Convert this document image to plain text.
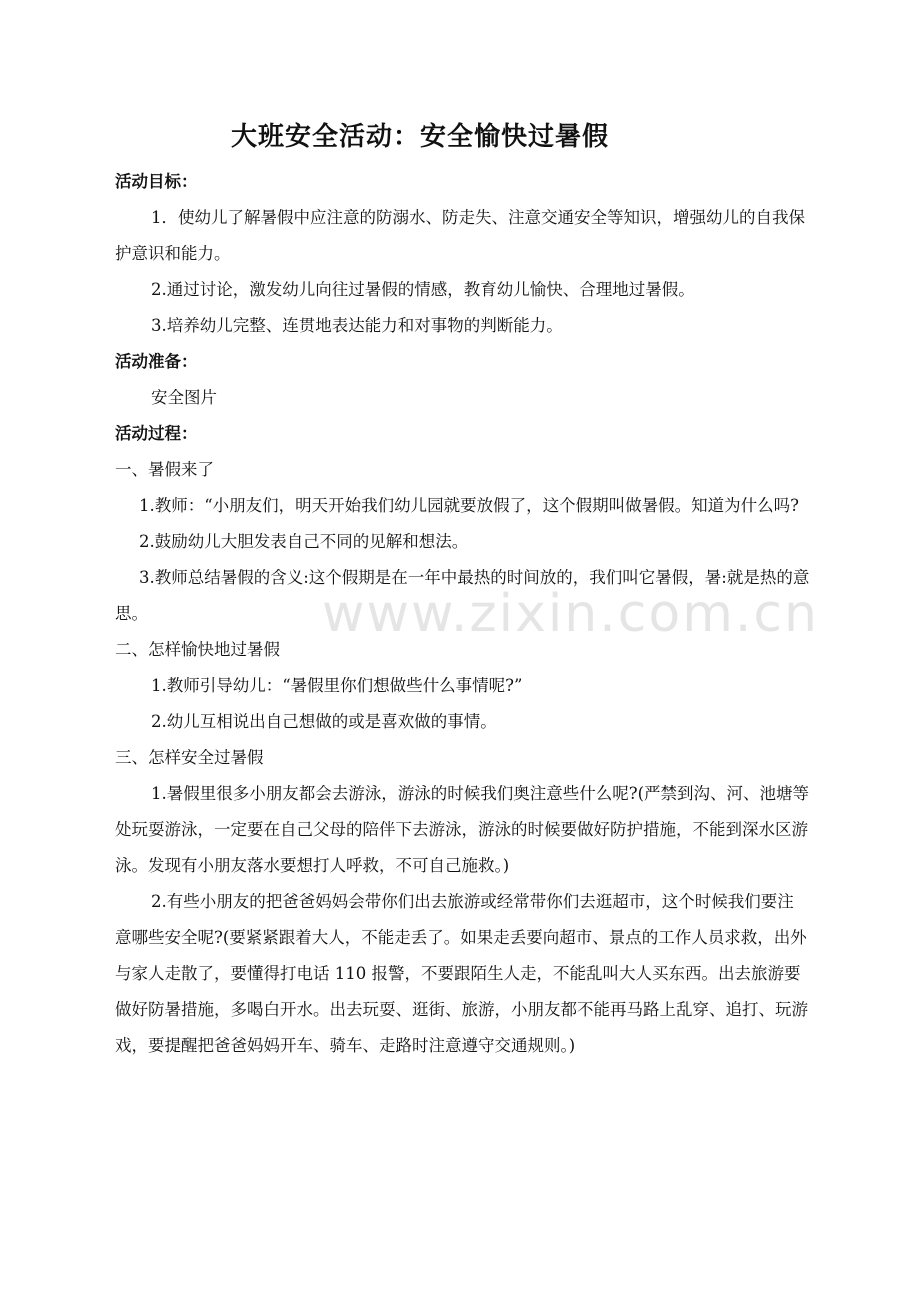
大班安全活动：安全愉快过暑假

活动目标：

1．使幼儿了解暑假中应注意的防溺水、防走失、注意交通安全等知识，增强幼儿的自我保护意识和能力。

2.通过讨论，激发幼儿向往过暑假的情感，教育幼儿愉快、合理地过暑假。

3.培养幼儿完整、连贯地表达能力和对事物的判断能力。

活动准备：

安全图片

活动过程：

一、暑假来了

1.教师：“小朋友们，明天开始我们幼儿园就要放假了，这个假期叫做暑假。知道为什么吗?

2.鼓励幼儿大胆发表自己不同的见解和想法。

3.教师总结暑假的含义:这个假期是在一年中最热的时间放的，我们叫它暑假，暑:就是热的意思。

二、怎样愉快地过暑假

1.教师引导幼儿：“暑假里你们想做些什么事情呢?”

2.幼儿互相说出自己想做的或是喜欢做的事情。

三、怎样安全过暑假

1.暑假里很多小朋友都会去游泳，游泳的时候我们奥注意些什么呢?(严禁到沟、河、池塘等处玩耍游泳，一定要在自己父母的陪伴下去游泳，游泳的时候要做好防护措施，不能到深水区游泳。发现有小朋友落水要想打人呼救，不可自己施救。)

2.有些小朋友的把爸爸妈妈会带你们出去旅游或经常带你们去逛超市，这个时候我们要注意哪些安全呢?(要紧紧跟着大人，不能走丢了。如果走丢要向超市、景点的工作人员求救，出外与家人走散了，要懂得打电话 110 报警，不要跟陌生人走，不能乱叫大人买东西。出去旅游要做好防暑措施，多喝白开水。出去玩耍、逛街、旅游，小朋友都不能再马路上乱穿、追打、玩游戏，要提醒把爸爸妈妈开车、骑车、走路时注意遵守交通规则。)

www.zixin.com.cn
